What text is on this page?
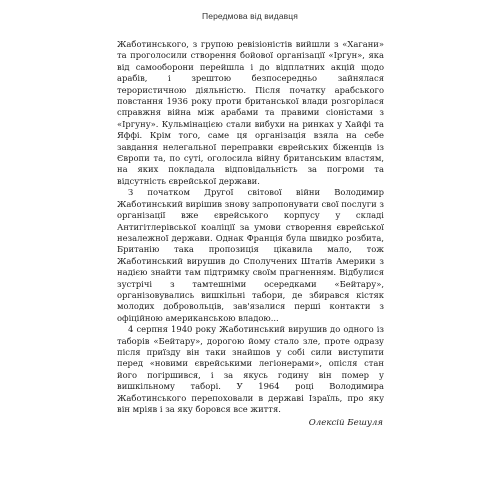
Передмова від видавця

Жаботинського, з групою ревізіоністів вийшли з «Хагани» та проголосили створення бойової організації «Іргун», яка від самооборони перейшла і до відплатних акцій щодо арабів, і зрештою безпосередньо зайнялася терористичною діяльністю. Після початку арабського повстання 1936 року проти британської влади розгорілася справжня війна між арабами та правими сіоністами з «Іргуну». Кульмінацією стали вибухи на ринках у Хайфі та Яффі. Крім того, саме ця організація взяла на себе завдання нелегальної переправки єврейських біженців із Європи та, по суті, оголосила війну британським властям, на яких покладала відповідальність за погроми та відсутність єврейської держави.

З початком Другої світової війни Володимир Жаботинський вирішив знову запропонувати свої послуги з організації вже єврейського корпусу у складі Антигітлерівської коаліції за умови створення єврейської незалежної держави. Однак Франція була швидко розбита, Британію така пропозиція цікавила мало, тож Жаботинський вирушив до Сполучених Штатів Америки з надією знайти там підтримку своїм прагненням. Відбулися зустрічі з тамтешніми осередками «Бейтару», організовувались вишкільні табори, де збирався кістяк молодих добровольців, зав'язалися перші контакти з офіційною американською владою...

4 серпня 1940 року Жаботинський вирушив до одного із таборів «Бейтару», дорогою йому стало зле, проте одразу після приїзду він таки знайшов у собі сили виступити перед «новими єврейськими легіонерами», опісля стан його погіршився, і за якусь годину він помер у вишкільному таборі. У 1964 році Володимира Жаботинського перепоховали в державі Ізраїль, про яку він мріяв і за яку боровся все життя.

Олексій Бешуля
